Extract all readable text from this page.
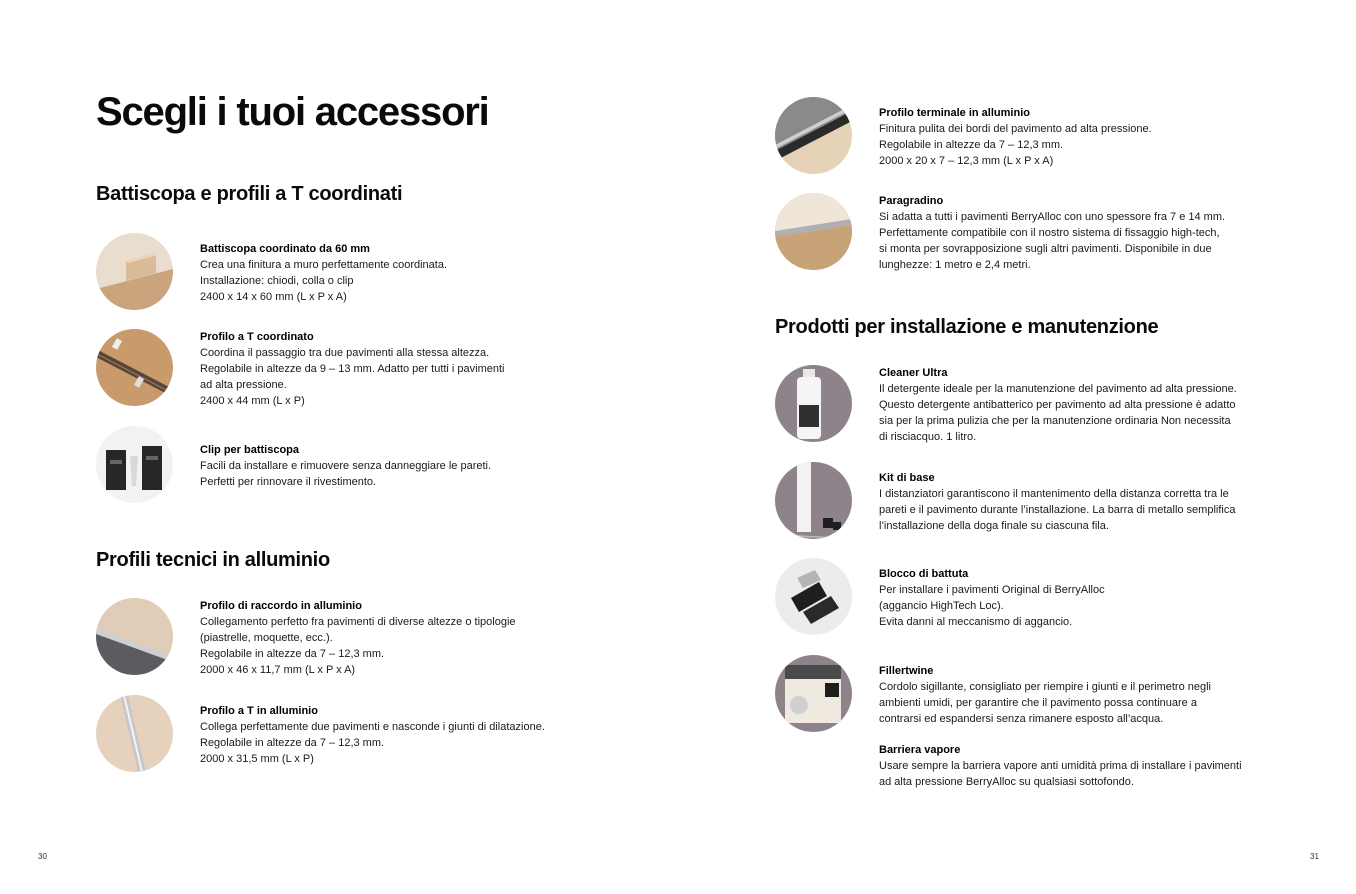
Scegli i tuoi accessori
Battiscopa e profili a T coordinati
Battiscopa coordinato da 60 mm
Crea una finitura a muro perfettamente coordinata.
Installazione: chiodi, colla o clip
2400 x 14 x 60 mm (L x P x A)
Profilo a T coordinato
Coordina il passaggio tra due pavimenti alla stessa altezza.
Regolabile in altezze da 9 – 13 mm. Adatto per tutti i pavimenti
ad alta pressione.
2400 x 44 mm (L x P)
Clip per battiscopa
Facili da installare e rimuovere senza danneggiare le pareti.
Perfetti per rinnovare il rivestimento.
Profili tecnici in alluminio
Profilo di raccordo in alluminio
Collegamento perfetto fra pavimenti di diverse altezze o tipologie
(piastrelle, moquette, ecc.).
Regolabile in altezze da 7 – 12,3 mm.
2000 x 46 x 11,7 mm (L x P x A)
Profilo a T in alluminio
Collega perfettamente due pavimenti e nasconde i giunti di dilatazione.
Regolabile in altezze da 7 – 12,3 mm.
2000 x 31,5 mm (L x P)
Profilo terminale in alluminio
Finitura pulita dei bordi del pavimento ad alta pressione.
Regolabile in altezze da 7 – 12,3 mm.
2000 x 20 x 7 – 12,3 mm (L x P x A)
Paragradino
Si adatta a tutti i pavimenti BerryAlloc con uno spessore fra 7 e 14 mm.
Perfettamente compatibile con il nostro sistema di fissaggio high-tech,
si monta per sovrapposizione sugli altri pavimenti. Disponibile in due
lunghezze: 1 metro e 2,4 metri.
Prodotti per installazione e manutenzione
Cleaner Ultra
Il detergente ideale per la manutenzione del pavimento ad alta pressione.
Questo detergente antibatterico per pavimento ad alta pressione è adatto
sia per la prima pulizia che per la manutenzione ordinaria Non necessita
di risciacquo. 1 litro.
Kit di base
I distanziatori garantiscono il mantenimento della distanza corretta tra le
pareti e il pavimento durante l’installazione. La barra di metallo semplifica
l’installazione della doga finale su ciascuna fila.
Blocco di battuta
Per installare i pavimenti Original di BerryAlloc
(aggancio HighTech Loc).
Evita danni al meccanismo di aggancio.
Fillertwine
Cordolo sigillante, consigliato per riempire i giunti e il perimetro negli
ambienti umidi, per garantire che il pavimento possa continuare a
contrarsi ed espandersi senza rimanere esposto all’acqua.
Barriera vapore
Usare sempre la barriera vapore anti umidità prima di installare i pavimenti
ad alta pressione BerryAlloc su qualsiasi sottofondo.
30	31
